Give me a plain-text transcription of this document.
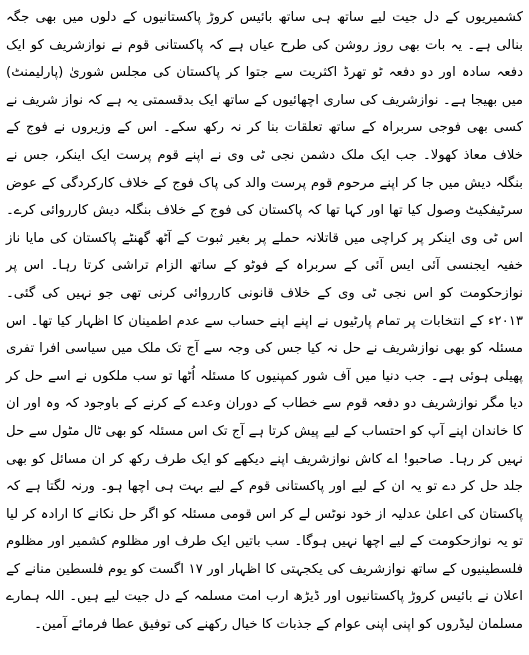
کشمیریوں کے دل جیت لیے ساتھ ہی ساتھ بائیس کروڑ پاکستانیوں کے دلوں میں بھی جگہ بنالی ہے۔ یہ بات بھی روز روشن کی طرح عیاں ہے کہ پاکستانی قوم نے نوازشریف کو ایک دفعہ سادہ اور دو دفعہ ٹو تھرڈ اکثریت سے جتوا کر پاکستان کی مجلس شوریٰ (پارلیمنٹ) میں بھیجا ہے۔ نوازشریف کی ساری اچھائیوں کے ساتھ ایک بدقسمتی یہ ہے کہ نواز شریف نے کسی بھی فوجی سربراہ کے ساتھ تعلقات بنا کر نہ رکھ سکے۔ اس کے وزیروں نے فوج کے خلاف معاذ کھولا۔ جب ایک ملک دشمن نجی ٹی وی نے اپنے قوم پرست ایک اینکر، جس نے بنگلہ دیش میں جا کر اپنے مرحوم قوم پرست والد کی پاک فوج کے خلاف کارکردگی کے عوض سرٹیفکیٹ وصول کیا تھا اور کہا تھا کہ پاکستان کی فوج کے خلاف بنگلہ دیش کارروائی کرے۔ اس ٹی وی اینکر پر کراچی میں قاتلانہ حملے پر بغیر ثبوت کے آٹھ گھنٹے پاکستان کی مایا ناز خفیہ ایجنسی آئی ایس آئی کے سربراہ کے فوٹو کے ساتھ الزام تراشی کرتا رہا۔ اس پر نوازحکومت کو اس نجی ٹی وی کے خلاف قانونی کارروائی کرنی تھی جو نہیں کی گئی۔ ۲۰۱۳ء کے انتخابات پر تمام پارٹیوں نے اپنے اپنے حساب سے عدم اطمینان کا اظہار کیا تھا۔ اس مسئلہ کو بھی نوازشریف نے حل نہ کیا جس کی وجہ سے آج تک ملک میں سیاسی افرا تفری پھیلی ہوئی ہے۔ جب دنیا میں آف شور کمپنیوں کا مسئلہ اُٹھا تو سب ملکوں نے اسے حل کر دیا مگر نوازشریف دو دفعہ قوم سے خطاب کے دوران وعدے کے کرنے کے باوجود کہ وہ اور ان کا خاندان اپنے آپ کو احتساب کے لیے پیش کرتا ہے آج تک اس مسئلہ کو بھی ٹال مٹول سے حل نہیں کر رہا۔ صاحبو! اے کاش نوازشریف اپنے دیکھے کو ایک طرف رکھ کر ان مسائل کو بھی جلد حل کر دے تو یہ ان کے لیے اور پاکستانی قوم کے لیے بہت ہی اچھا ہو۔ ورنہ لگتا ہے کہ پاکستان کی اعلیٰ عدلیہ از خود نوٹس لے کر اس قومی مسئلہ کو اگر حل نکانے کا ارادہ کر لیا تو یہ نوازحکومت کے لیے اچھا نہیں ہوگا۔ سب باتیں ایک طرف اور مظلوم کشمیر اور مظلوم فلسطینیوں کے ساتھ نوازشریف کی یکجہتی کا اظہار اور ۱۷ اگست کو یوم فلسطین منانے کے اعلان نے بائیس کروڑ پاکستانیوں اور ڈیڑھ ارب امت مسلمہ کے دل جیت لیے ہیں۔ اللہ ہمارے مسلمان لیڈروں کو اپنی اپنی عوام کے جذبات کا خیال رکھنے کی توفیق عطا فرمائے آمین۔
